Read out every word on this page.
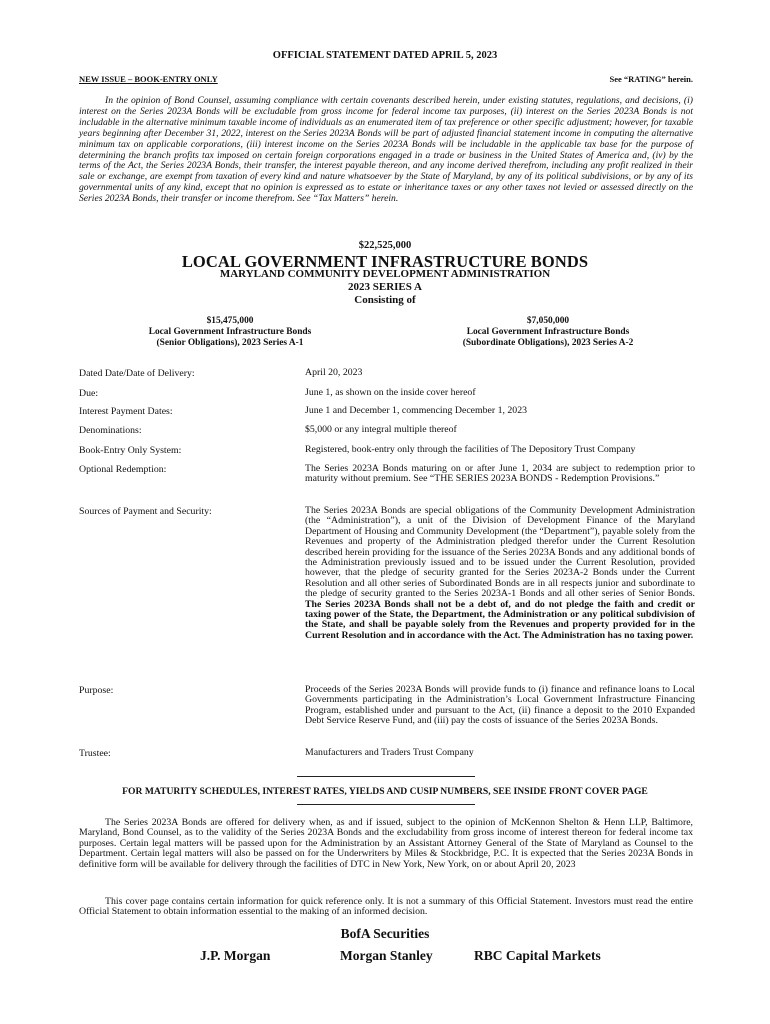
OFFICIAL STATEMENT DATED APRIL 5, 2023
NEW ISSUE – BOOK-ENTRY ONLY	See “RATING” herein.
In the opinion of Bond Counsel, assuming compliance with certain covenants described herein, under existing statutes, regulations, and decisions, (i) interest on the Series 2023A Bonds will be excludable from gross income for federal income tax purposes, (ii) interest on the Series 2023A Bonds is not includable in the alternative minimum taxable income of individuals as an enumerated item of tax preference or other specific adjustment; however, for taxable years beginning after December 31, 2022, interest on the Series 2023A Bonds will be part of adjusted financial statement income in computing the alternative minimum tax on applicable corporations, (iii) interest income on the Series 2023A Bonds will be includable in the applicable tax base for the purpose of determining the branch profits tax imposed on certain foreign corporations engaged in a trade or business in the United States of America and, (iv) by the terms of the Act, the Series 2023A Bonds, their transfer, the interest payable thereon, and any income derived therefrom, including any profit realized in their sale or exchange, are exempt from taxation of every kind and nature whatsoever by the State of Maryland, by any of its political subdivisions, or by any of its governmental units of any kind, except that no opinion is expressed as to estate or inheritance taxes or any other taxes not levied or assessed directly on the Series 2023A Bonds, their transfer or income therefrom. See “Tax Matters” herein.
$22,525,000
LOCAL GOVERNMENT INFRASTRUCTURE BONDS
MARYLAND COMMUNITY DEVELOPMENT ADMINISTRATION
2023 SERIES A
Consisting of
$15,475,000
Local Government Infrastructure Bonds
(Senior Obligations), 2023 Series A-1
$7,050,000
Local Government Infrastructure Bonds
(Subordinate Obligations), 2023 Series A-2
Dated Date/Date of Delivery:	April 20, 2023
Due:	June 1, as shown on the inside cover hereof
Interest Payment Dates:	June 1 and December 1, commencing December 1, 2023
Denominations:	$5,000 or any integral multiple thereof
Book-Entry Only System:	Registered, book-entry only through the facilities of The Depository Trust Company
Optional Redemption:	The Series 2023A Bonds maturing on or after June 1, 2034 are subject to redemption prior to maturity without premium. See “THE SERIES 2023A BONDS - Redemption Provisions.”
Sources of Payment and Security:	The Series 2023A Bonds are special obligations of the Community Development Administration (the “Administration”), a unit of the Division of Development Finance of the Maryland Department of Housing and Community Development (the “Department”), payable solely from the Revenues and property of the Administration pledged therefor under the Current Resolution described herein providing for the issuance of the Series 2023A Bonds and any additional bonds of the Administration previously issued and to be issued under the Current Resolution, provided however, that the pledge of security granted for the Series 2023A-2 Bonds under the Current Resolution and all other series of Subordinated Bonds are in all respects junior and subordinate to the pledge of security granted to the Series 2023A-1 Bonds and all other series of Senior Bonds. The Series 2023A Bonds shall not be a debt of, and do not pledge the faith and credit or taxing power of the State, the Department, the Administration or any political subdivision of the State, and shall be payable solely from the Revenues and property provided for in the Current Resolution and in accordance with the Act. The Administration has no taxing power.
Purpose:	Proceeds of the Series 2023A Bonds will provide funds to (i) finance and refinance loans to Local Governments participating in the Administration’s Local Government Infrastructure Financing Program, established under and pursuant to the Act, (ii) finance a deposit to the 2010 Expanded Debt Service Reserve Fund, and (iii) pay the costs of issuance of the Series 2023A Bonds.
Trustee:	Manufacturers and Traders Trust Company
FOR MATURITY SCHEDULES, INTEREST RATES, YIELDS AND CUSIP NUMBERS, SEE INSIDE FRONT COVER PAGE
The Series 2023A Bonds are offered for delivery when, as and if issued, subject to the opinion of McKennon Shelton & Henn LLP, Baltimore, Maryland, Bond Counsel, as to the validity of the Series 2023A Bonds and the excludability from gross income of interest thereon for federal income tax purposes. Certain legal matters will be passed upon for the Administration by an Assistant Attorney General of the State of Maryland as Counsel to the Department. Certain legal matters will also be passed on for the Underwriters by Miles & Stockbridge, P.C. It is expected that the Series 2023A Bonds in definitive form will be available for delivery through the facilities of DTC in New York, New York, on or about April 20, 2023
This cover page contains certain information for quick reference only. It is not a summary of this Official Statement. Investors must read the entire Official Statement to obtain information essential to the making of an informed decision.
BofA Securities
J.P. Morgan	Morgan Stanley	RBC Capital Markets
